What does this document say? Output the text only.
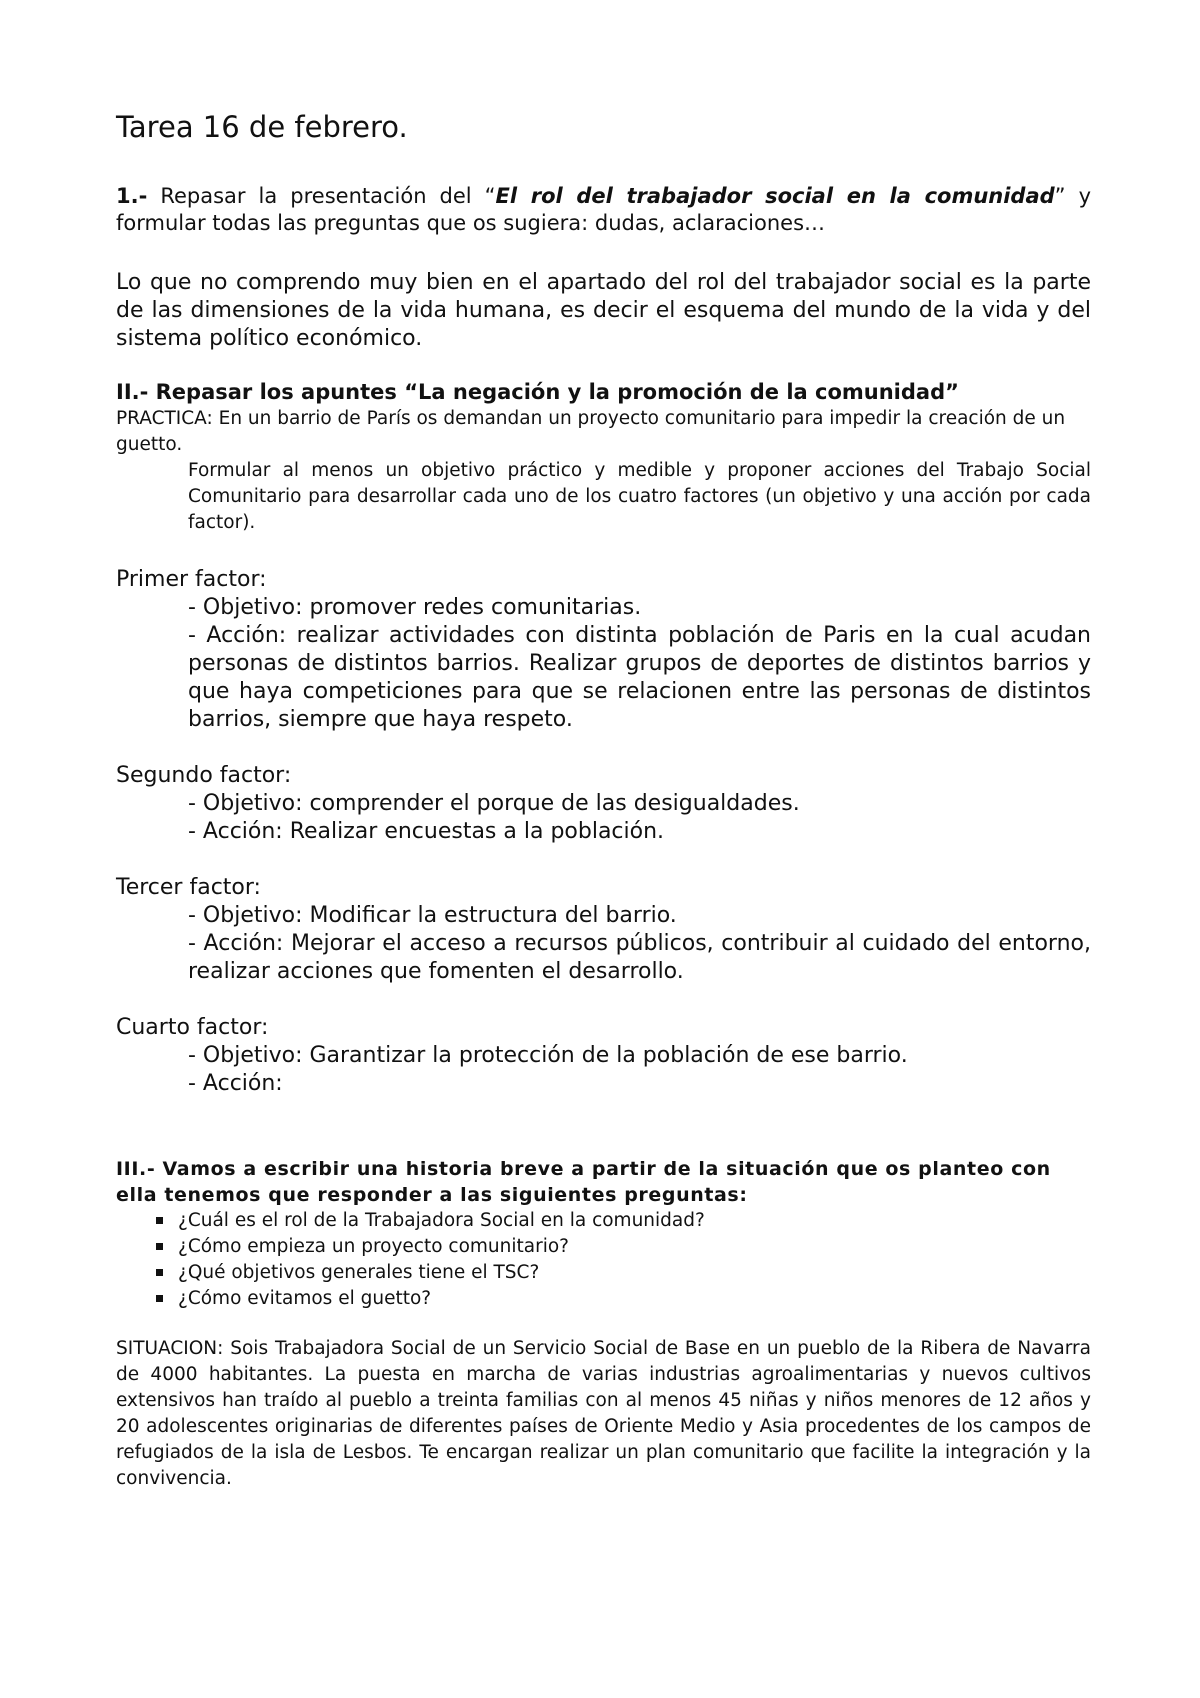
Tarea 16 de febrero.

1.- Repasar la presentación del “El rol del trabajador social en la comunidad” y formular todas las preguntas que os sugiera: dudas, aclaraciones…

Lo que no comprendo muy bien en el apartado del rol del trabajador social es la parte de las dimensiones de la vida humana, es decir el esquema del mundo de la vida y del sistema político económico.

II.- Repasar los apuntes “La negación y la promoción de la comunidad”

PRACTICA: En un barrio de París os demandan un proyecto comunitario para impedir la creación de un guetto.

Formular al menos un objetivo práctico y medible y proponer acciones del Trabajo Social Comunitario para desarrollar cada uno de los cuatro factores (un objetivo y una acción por cada factor).

Primer factor:

- Objetivo: promover redes comunitarias.

- Acción: realizar actividades con distinta población de Paris en la cual acudan personas de distintos barrios. Realizar grupos de deportes de distintos barrios y que haya competiciones para que se relacionen entre las personas de distintos barrios, siempre que haya respeto.

Segundo factor:

- Objetivo: comprender el porque de las desigualdades.

- Acción: Realizar encuestas a la población.

Tercer factor:

- Objetivo: Modificar la estructura del barrio.

- Acción: Mejorar el acceso a recursos públicos, contribuir al cuidado del entorno, realizar acciones que fomenten el desarrollo.

Cuarto factor:

- Objetivo: Garantizar la protección de la población de ese barrio.

- Acción:

III.- Vamos a escribir una historia breve a partir de la situación que os planteo con ella tenemos que responder a las siguientes preguntas:

¿Cuál es el rol de la Trabajadora Social en la comunidad?
¿Cómo empieza un proyecto comunitario?
¿Qué objetivos generales tiene el TSC?
¿Cómo evitamos el guetto?

SITUACION: Sois Trabajadora Social de un Servicio Social de Base en un pueblo de la Ribera de Navarra de 4000 habitantes. La puesta en marcha de varias industrias agroalimentarias y nuevos cultivos extensivos han traído al pueblo a treinta familias con al menos 45 niñas y niños menores de 12 años y 20 adolescentes originarias de diferentes países de Oriente Medio y Asia procedentes de los campos de refugiados de la isla de Lesbos. Te encargan realizar un plan comunitario que facilite la integración y la convivencia.
